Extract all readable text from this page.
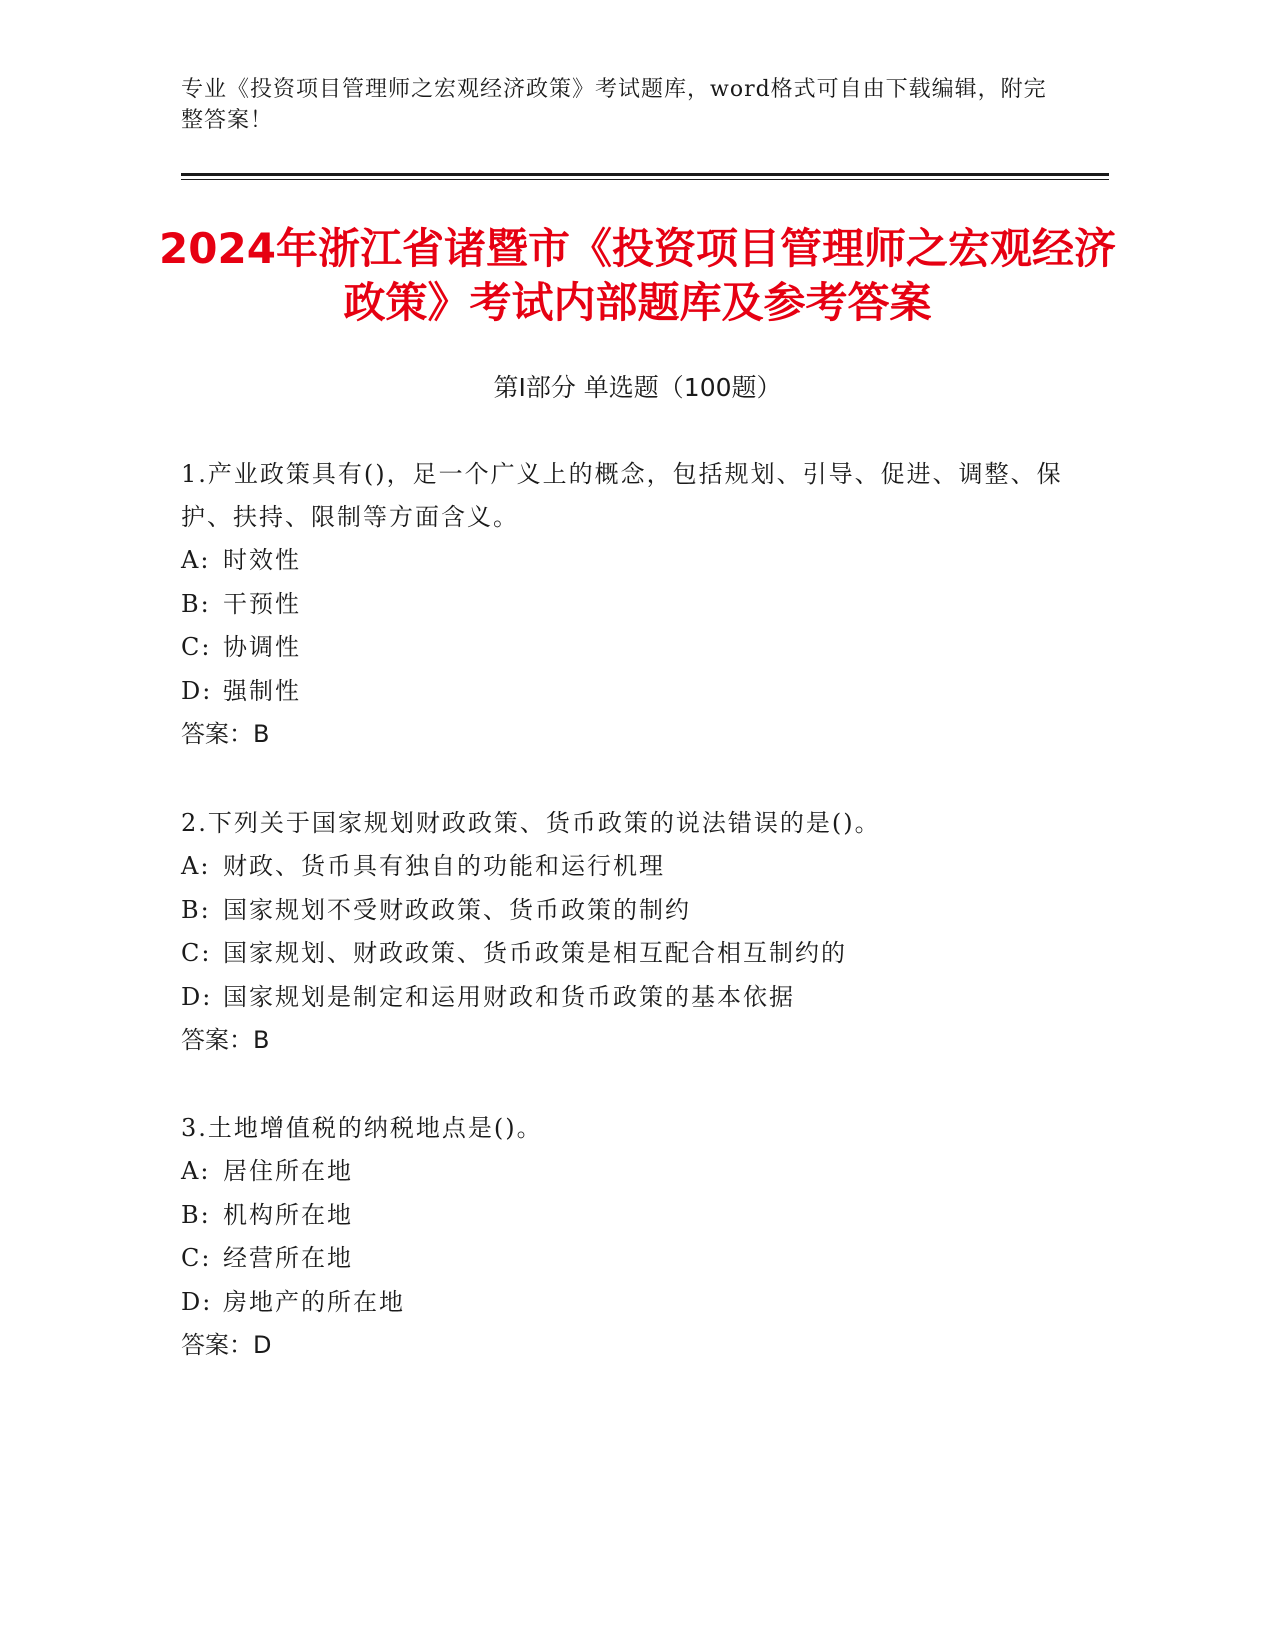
专业《投资项目管理师之宏观经济政策》考试题库，word格式可自由下载编辑，附完整答案！
2024年浙江省诸暨市《投资项目管理师之宏观经济政策》考试内部题库及参考答案
第Ⅰ部分 单选题（100题）

1.产业政策具有()，足一个广义上的概念，包括规划、引导、促进、调整、保护、扶持、限制等方面含义。

A: 时效性

B: 干预性

C: 协调性

D: 强制性

答案：B

2.下列关于国家规划财政政策、货币政策的说法错误的是()。

A: 财政、货币具有独自的功能和运行机理

B: 国家规划不受财政政策、货币政策的制约

C: 国家规划、财政政策、货币政策是相互配合相互制约的

D: 国家规划是制定和运用财政和货币政策的基本依据

答案：B

3.土地增值税的纳税地点是()。

A: 居住所在地

B: 机构所在地

C: 经营所在地

D: 房地产的所在地

答案：D
